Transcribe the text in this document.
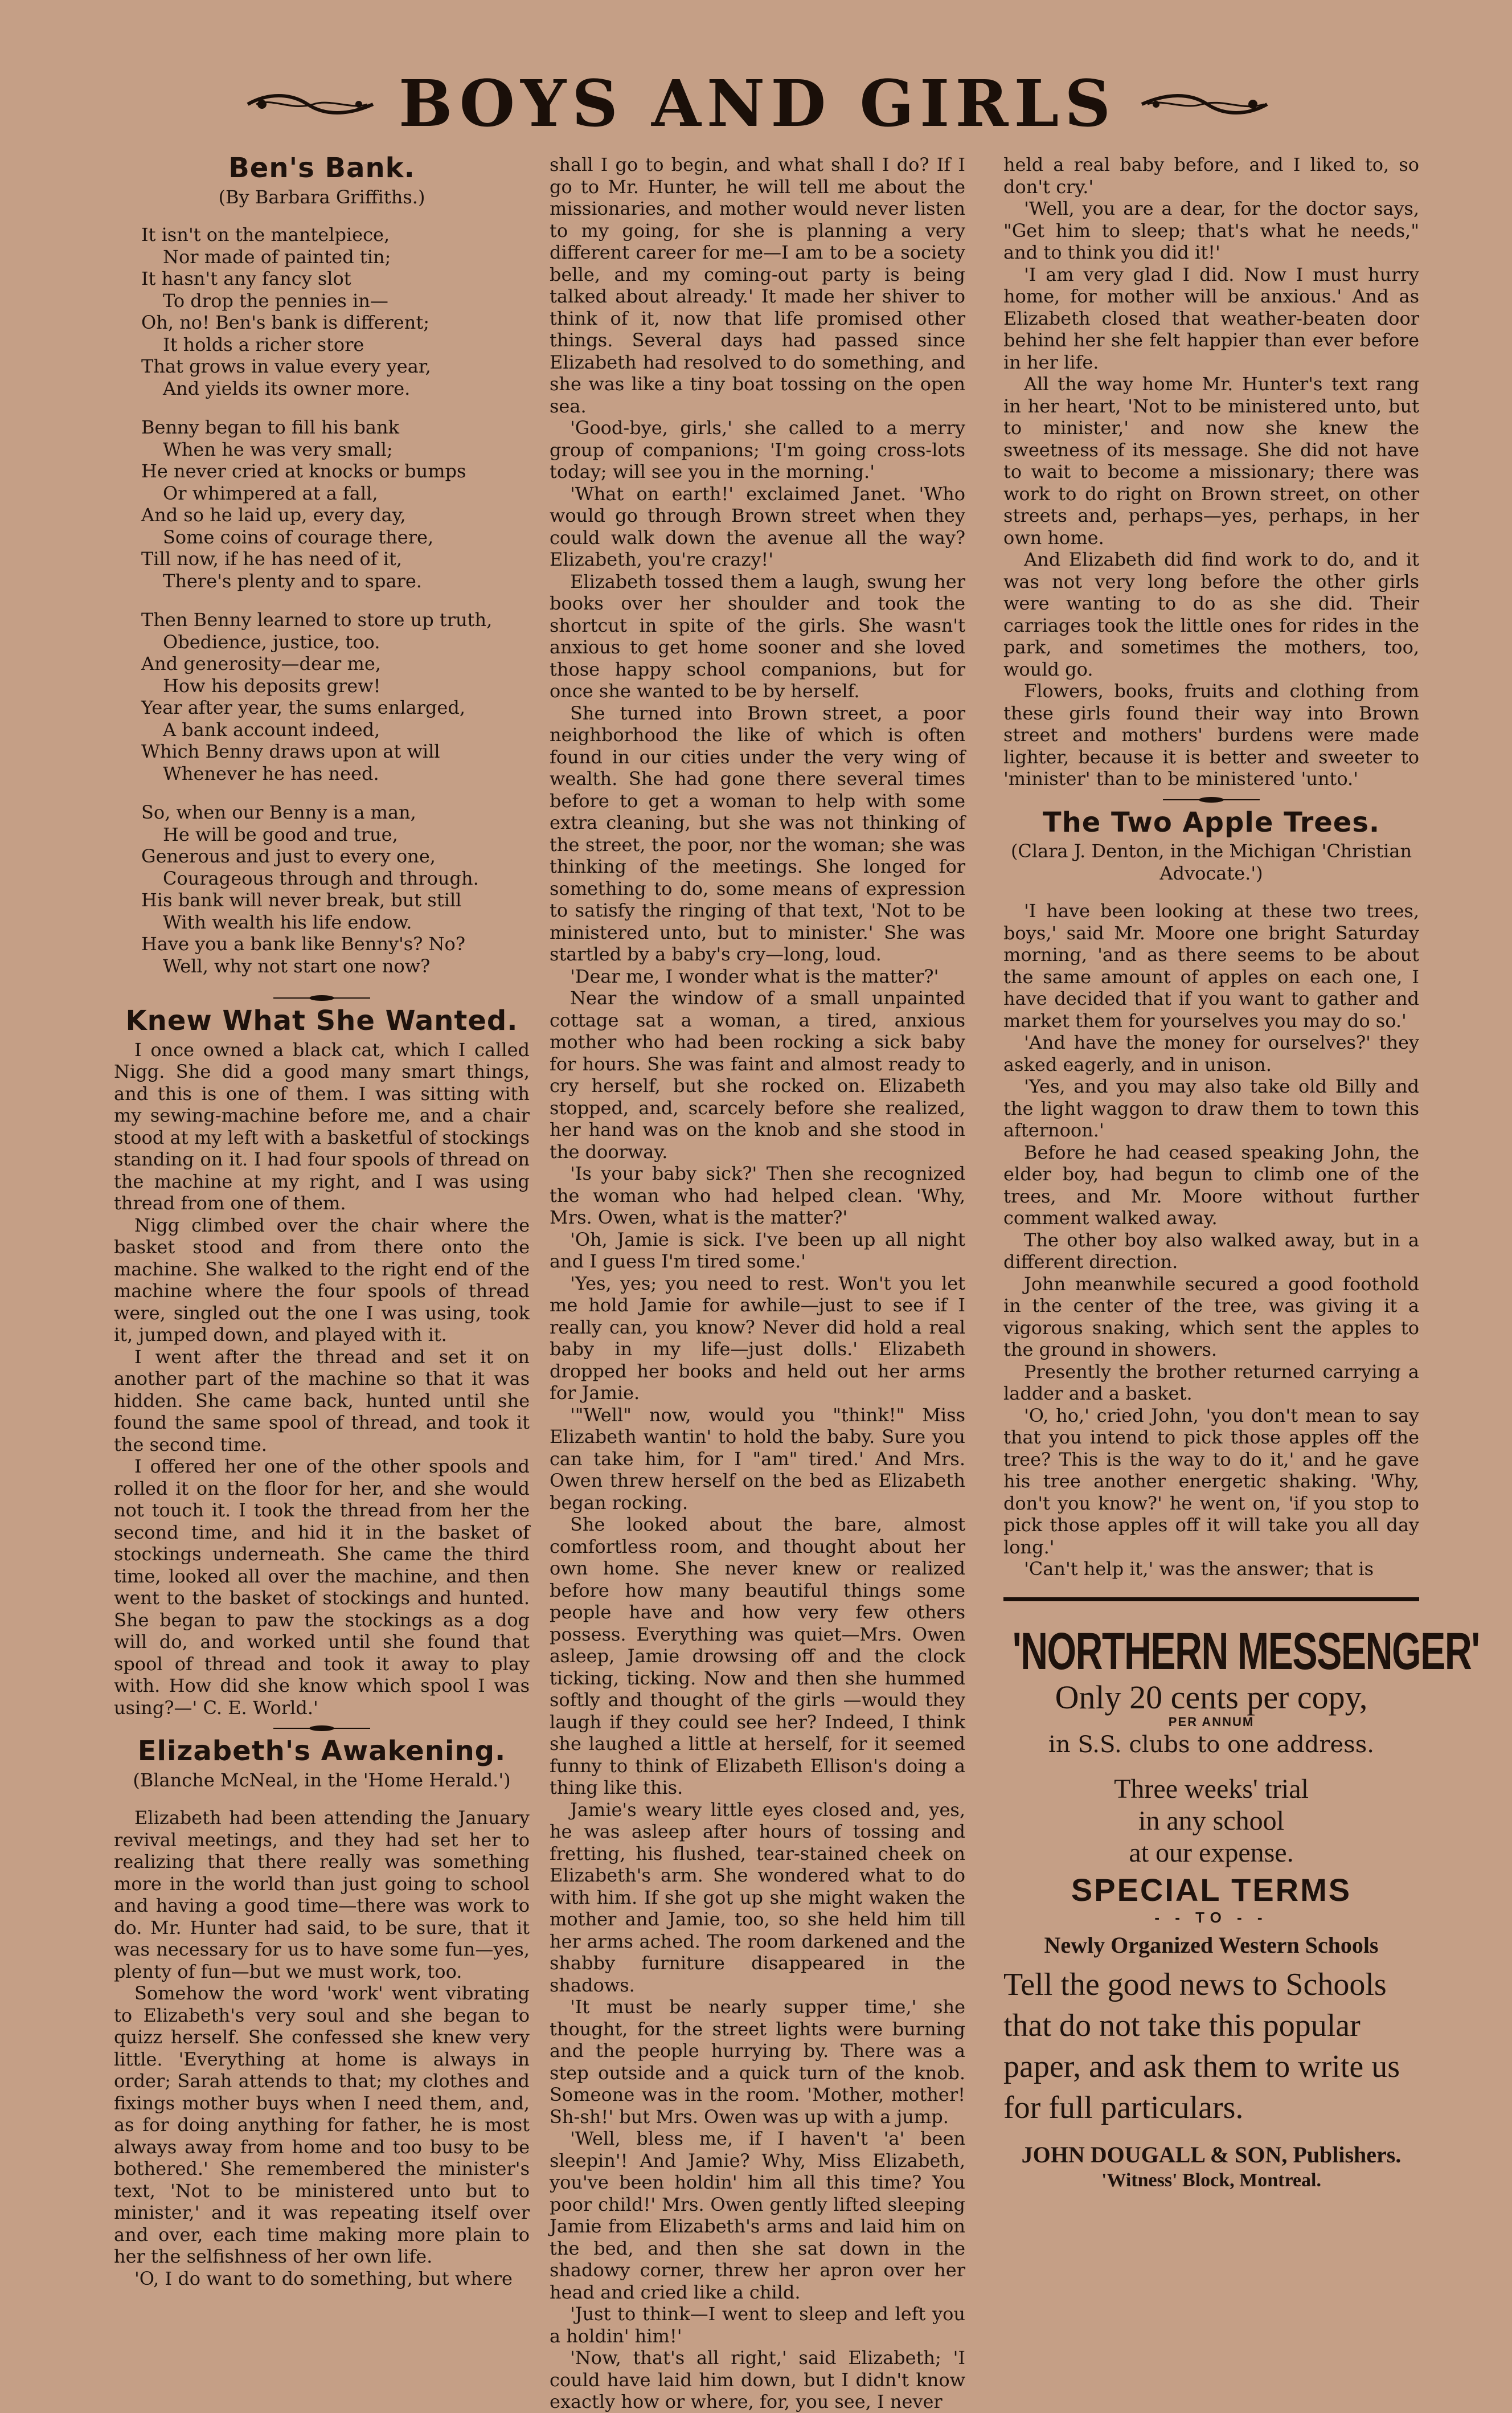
BOYS AND GIRLS
Ben's Bank.
(By Barbara Griffiths.)
It isn't on the mantelpiece,
Nor made of painted tin;
It hasn't any fancy slot
To drop the pennies in—
Oh, no! Ben's bank is different;
It holds a richer store
That grows in value every year,
And yields its owner more.
Benny began to fill his bank
When he was very small;
He never cried at knocks or bumps
Or whimpered at a fall,
And so he laid up, every day,
Some coins of courage there,
Till now, if he has need of it,
There's plenty and to spare.
Then Benny learned to store up truth,
Obedience, justice, too.
And generosity—dear me,
How his deposits grew!
Year after year, the sums enlarged,
A bank account indeed,
Which Benny draws upon at will
Whenever he has need.
So, when our Benny is a man,
He will be good and true,
Generous and just to every one,
Courageous through and through.
His bank will never break, but still
With wealth his life endow.
Have you a bank like Benny's? No?
Well, why not start one now?
Knew What She Wanted.

I once owned a black cat, which I called Nigg. She did a good many smart things, and this is one of them. I was sitting with my sewing-machine before me, and a chair stood at my left with a basketful of stockings standing on it. I had four spools of thread on the machine at my right, and I was using thread from one of them.

Nigg climbed over the chair where the basket stood and from there onto the machine. She walked to the right end of the machine where the four spools of thread were, singled out the one I was using, took it, jumped down, and played with it.

I went after the thread and set it on another part of the machine so that it was hidden. She came back, hunted until she found the same spool of thread, and took it the second time.

I offered her one of the other spools and rolled it on the floor for her, and she would not touch it. I took the thread from her the second time, and hid it in the basket of stockings underneath. She came the third time, looked all over the machine, and then went to the basket of stockings and hunted. She began to paw the stockings as a dog will do, and worked until she found that spool of thread and took it away to play with. How did she know which spool I was using?—' C. E. World.'

Elizabeth's Awakening.
(Blanche McNeal, in the 'Home Herald.')

Elizabeth had been attending the January revival meetings, and they had set her to realizing that there really was something more in the world than just going to school and having a good time—there was work to do. Mr. Hunter had said, to be sure, that it was necessary for us to have some fun—yes, plenty of fun—but we must work, too.

Somehow the word 'work' went vibrating to Elizabeth's very soul and she began to quizz herself. She confessed she knew very little. 'Everything at home is always in order; Sarah attends to that; my clothes and fixings mother buys when I need them, and, as for doing anything for father, he is most always away from home and too busy to be bothered.' She remembered the minister's text, 'Not to be ministered unto but to minister,' and it was repeating itself over and over, each time making more plain to her the selfishness of her own life.

'O, I do want to do something, but where

shall I go to begin, and what shall I do? If I go to Mr. Hunter, he will tell me about the missionaries, and mother would never listen to my going, for she is planning a very different career for me—I am to be a society belle, and my coming-out party is being talked about already.' It made her shiver to think of it, now that life promised other things. Several days had passed since Elizabeth had resolved to do something, and she was like a tiny boat tossing on the open sea.

'Good-bye, girls,' she called to a merry group of companions; 'I'm going cross-lots today; will see you in the morning.'

'What on earth!' exclaimed Janet. 'Who would go through Brown street when they could walk down the avenue all the way? Elizabeth, you're crazy!'

Elizabeth tossed them a laugh, swung her books over her shoulder and took the shortcut in spite of the girls. She wasn't anxious to get home sooner and she loved those happy school companions, but for once she wanted to be by herself.

She turned into Brown street, a poor neighborhood the like of which is often found in our cities under the very wing of wealth. She had gone there several times before to get a woman to help with some extra cleaning, but she was not thinking of the street, the poor, nor the woman; she was thinking of the meetings. She longed for something to do, some means of expression to satisfy the ringing of that text, 'Not to be ministered unto, but to minister.' She was startled by a baby's cry—long, loud.

'Dear me, I wonder what is the matter?'

Near the window of a small unpainted cottage sat a woman, a tired, anxious mother who had been rocking a sick baby for hours. She was faint and almost ready to cry herself, but she rocked on. Elizabeth stopped, and, scarcely before she realized, her hand was on the knob and she stood in the doorway.

'Is your baby sick?' Then she recognized the woman who had helped clean. 'Why, Mrs. Owen, what is the matter?'

'Oh, Jamie is sick. I've been up all night and I guess I'm tired some.'

'Yes, yes; you need to rest. Won't you let me hold Jamie for awhile—just to see if I really can, you know? Never did hold a real baby in my life—just dolls.' Elizabeth dropped her books and held out her arms for Jamie.

'"Well" now, would you "think!" Miss Elizabeth wantin' to hold the baby. Sure you can take him, for I "am" tired.' And Mrs. Owen threw herself on the bed as Elizabeth began rocking.

She looked about the bare, almost comfortless room, and thought about her own home. She never knew or realized before how many beautiful things some people have and how very few others possess. Everything was quiet—Mrs. Owen asleep, Jamie drowsing off and the clock ticking, ticking. Now and then she hummed softly and thought of the girls —would they laugh if they could see her? Indeed, I think she laughed a little at herself, for it seemed funny to think of Elizabeth Ellison's doing a thing like this.

Jamie's weary little eyes closed and, yes, he was asleep after hours of tossing and fretting, his flushed, tear-stained cheek on Elizabeth's arm. She wondered what to do with him. If she got up she might waken the mother and Jamie, too, so she held him till her arms ached. The room darkened and the shabby furniture disappeared in the shadows.

'It must be nearly supper time,' she thought, for the street lights were burning and the people hurrying by. There was a step outside and a quick turn of the knob. Someone was in the room. 'Mother, mother! Sh-sh!' but Mrs. Owen was up with a jump.

'Well, bless me, if I haven't 'a' been sleepin'! And Jamie? Why, Miss Elizabeth, you've been holdin' him all this time? You poor child!' Mrs. Owen gently lifted sleeping Jamie from Elizabeth's arms and laid him on the bed, and then she sat down in the shadowy corner, threw her apron over her head and cried like a child.

'Just to think—I went to sleep and left you a holdin' him!'

'Now, that's all right,' said Elizabeth; 'I could have laid him down, but I didn't know exactly how or where, for, you see, I never

held a real baby before, and I liked to, so don't cry.'

'Well, you are a dear, for the doctor says, "Get him to sleep; that's what he needs," and to think you did it!'

'I am very glad I did. Now I must hurry home, for mother will be anxious.' And as Elizabeth closed that weather-beaten door behind her she felt happier than ever before in her life.

All the way home Mr. Hunter's text rang in her heart, 'Not to be ministered unto, but to minister,' and now she knew the sweetness of its message. She did not have to wait to become a missionary; there was work to do right on Brown street, on other streets and, perhaps—yes, perhaps, in her own home.

And Elizabeth did find work to do, and it was not very long before the other girls were wanting to do as she did. Their carriages took the little ones for rides in the park, and sometimes the mothers, too, would go.

Flowers, books, fruits and clothing from these girls found their way into Brown street and mothers' burdens were made lighter, because it is better and sweeter to 'minister' than to be ministered 'unto.'

The Two Apple Trees.
(Clara J. Denton, in the Michigan 'Christian Advocate.')

'I have been looking at these two trees, boys,' said Mr. Moore one bright Saturday morning, 'and as there seems to be about the same amount of apples on each one, I have decided that if you want to gather and market them for yourselves you may do so.'

'And have the money for ourselves?' they asked eagerly, and in unison.

'Yes, and you may also take old Billy and the light waggon to draw them to town this afternoon.'

Before he had ceased speaking John, the elder boy, had begun to climb one of the trees, and Mr. Moore without further comment walked away.

The other boy also walked away, but in a different direction.

John meanwhile secured a good foothold in the center of the tree, was giving it a vigorous snaking, which sent the apples to the ground in showers.

Presently the brother returned carrying a ladder and a basket.

'O, ho,' cried John, 'you don't mean to say that you intend to pick those apples off the tree? This is the way to do it,' and he gave his tree another energetic shaking. 'Why, don't you know?' he went on, 'if you stop to pick those apples off it will take you all day long.'

'Can't help it,' was the answer; that is

'NORTHERN MESSENGER'
Only 20 cents per copy,
PER ANNUM
in S.S. clubs to one address.
Three weeks' trial
in any school
at our expense.
SPECIAL TERMS
- - TO - -
Newly Organized Western Schools
Tell the good news to Schools that do not take this popular paper, and ask them to write us for full particulars.
JOHN DOUGALL & SON, Publishers.
'Witness' Block, Montreal.
